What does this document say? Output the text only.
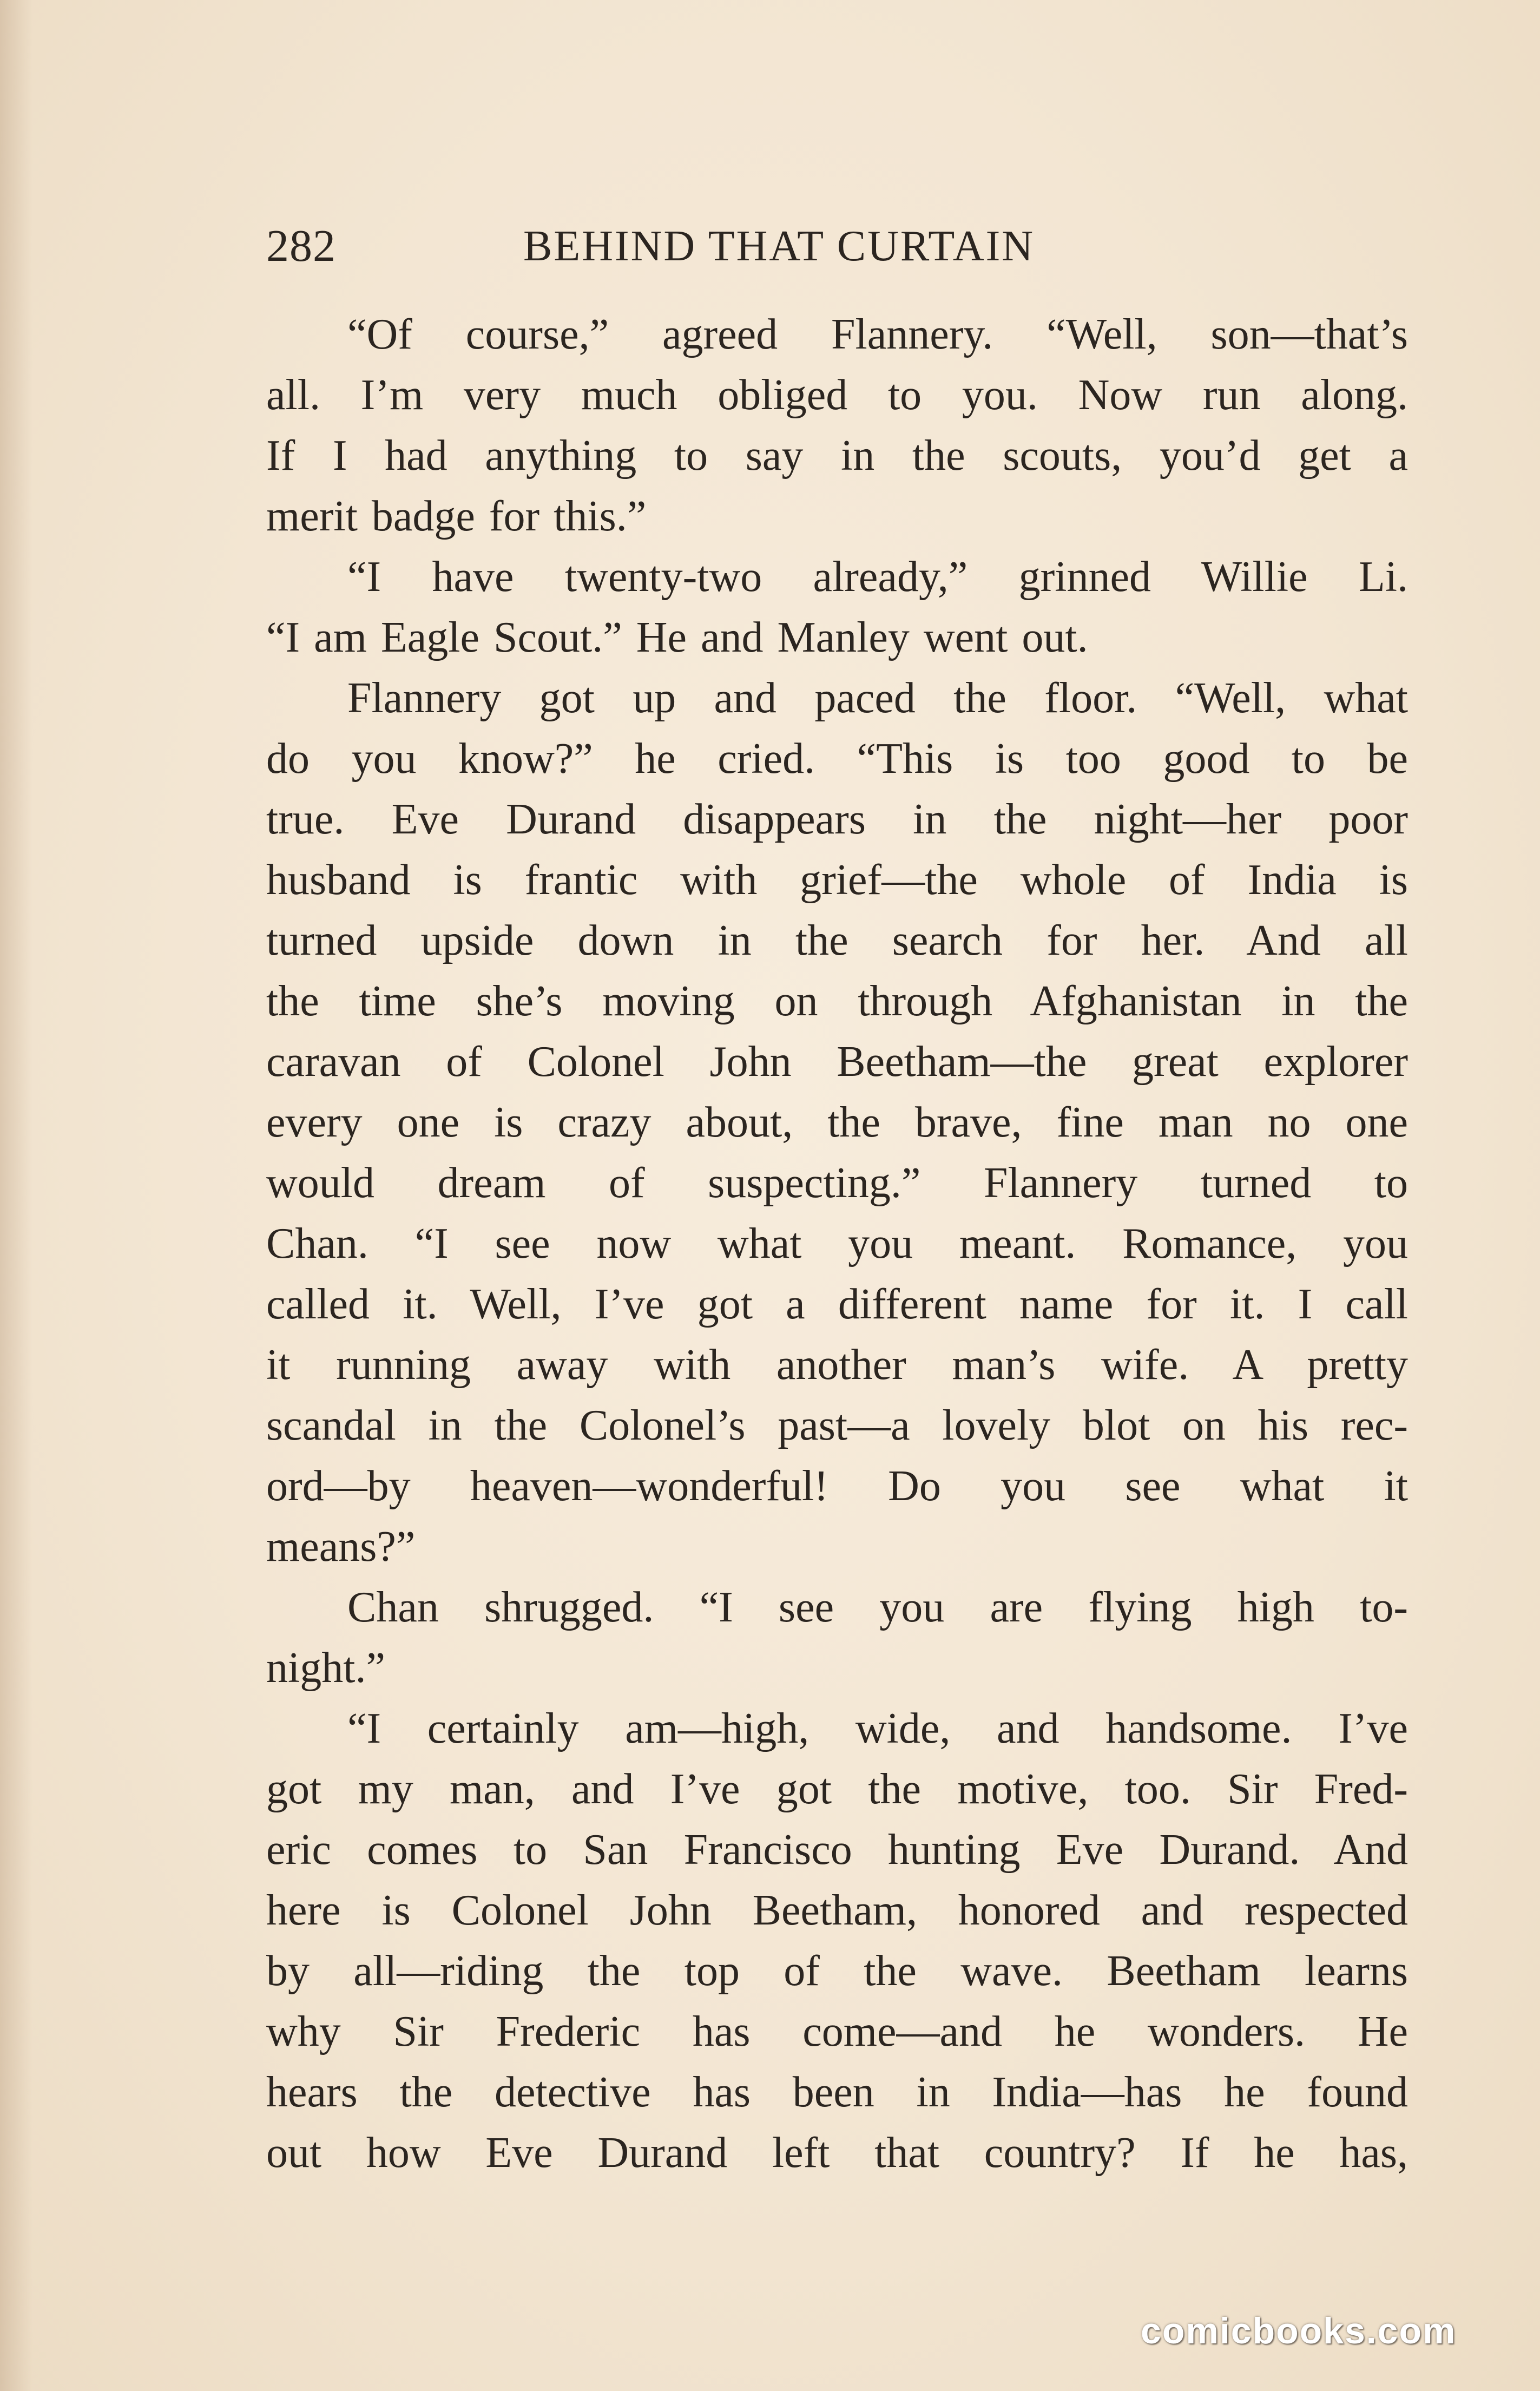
282	BEHIND THAT CURTAIN
“Of course,” agreed Flannery. “Well, son—that’s
all. I’m very much obliged to you. Now run along.
If I had anything to say in the scouts, you’d get a
merit badge for this.”
“I have twenty-two already,” grinned Willie Li.
“I am Eagle Scout.” He and Manley went out.
Flannery got up and paced the floor. “Well, what
do you know?” he cried. “This is too good to be
true. Eve Durand disappears in the night—her poor
husband is frantic with grief—the whole of India is
turned upside down in the search for her. And all
the time she’s moving on through Afghanistan in the
caravan of Colonel John Beetham—the great explorer
every one is crazy about, the brave, fine man no one
would dream of suspecting.” Flannery turned to
Chan. “I see now what you meant. Romance, you
called it. Well, I’ve got a different name for it. I call
it running away with another man’s wife. A pretty
scandal in the Colonel’s past—a lovely blot on his rec-
ord—by heaven—wonderful! Do you see what it
means?”
Chan shrugged. “I see you are flying high to-
night.”
“I certainly am—high, wide, and handsome. I’ve
got my man, and I’ve got the motive, too. Sir Fred-
eric comes to San Francisco hunting Eve Durand. And
here is Colonel John Beetham, honored and respected
by all—riding the top of the wave. Beetham learns
why Sir Frederic has come—and he wonders. He
hears the detective has been in India—has he found
out how Eve Durand left that country? If he has,
comicbooks.com
